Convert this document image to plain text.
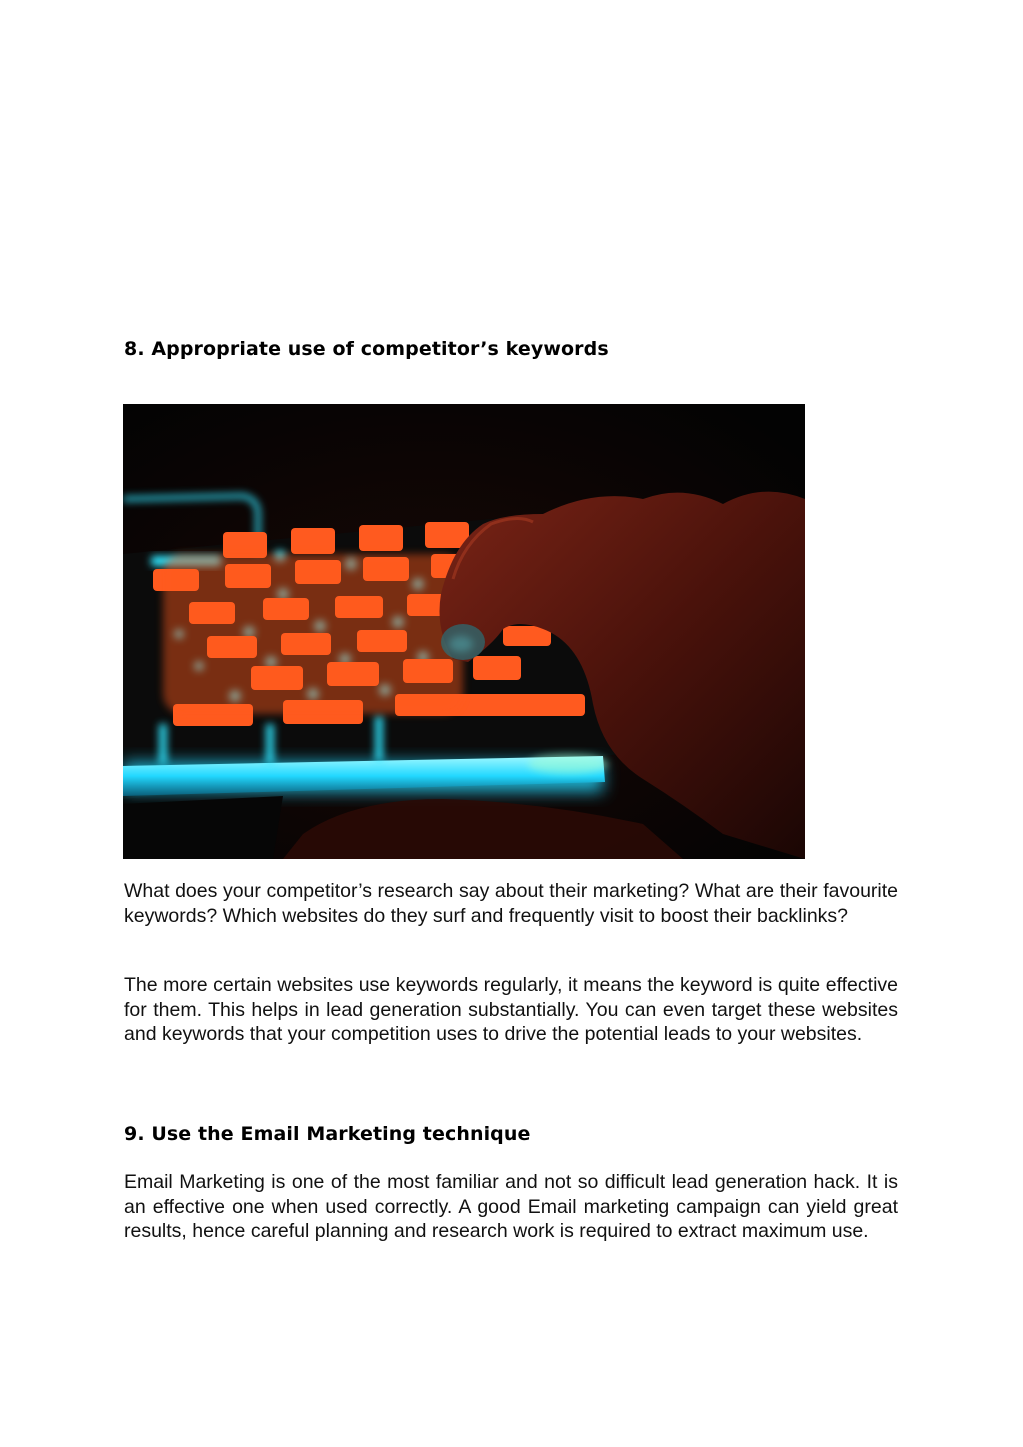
8. Appropriate use of competitor’s keywords

What does your competitor’s research say about their marketing? What are their favourite keywords? Which websites do they surf and frequently visit to boost their backlinks?

The more certain websites use keywords regularly, it means the keyword is quite effective for them. This helps in lead generation substantially. You can even target these websites and keywords that your competition uses to drive the potential leads to your websites.

9. Use the Email Marketing technique

Email Marketing is one of the most familiar and not so difficult lead generation hack. It is an effective one when used correctly. A good Email marketing campaign can yield great results, hence careful planning and research work is required to extract maximum use.
